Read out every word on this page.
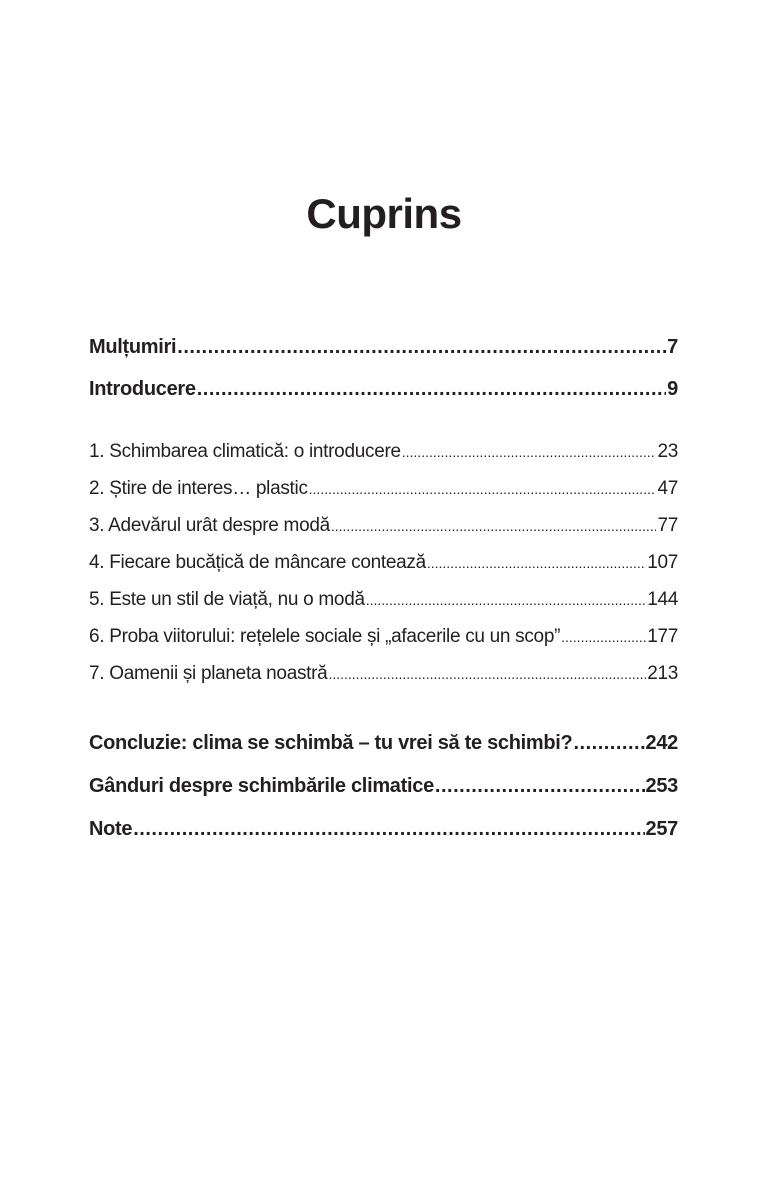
Cuprins
Mulțumiri .....	7
Introducere .....	9
1. Schimbarea climatică: o introducere .....	23
2. Știre de interes… plastic .....	47
3. Adevărul urât despre modă .....	77
4. Fiecare bucățică de mâncare contează .....	107
5. Este un stil de viață, nu o modă .....	144
6. Proba viitorului: rețelele sociale și „afacerile cu un scop” .....	177
7. Oamenii și planeta noastră .....	213
Concluzie: clima se schimbă – tu vrei să te schimbi? .....	242
Gânduri despre schimbările climatice .....	253
Note .....	257
